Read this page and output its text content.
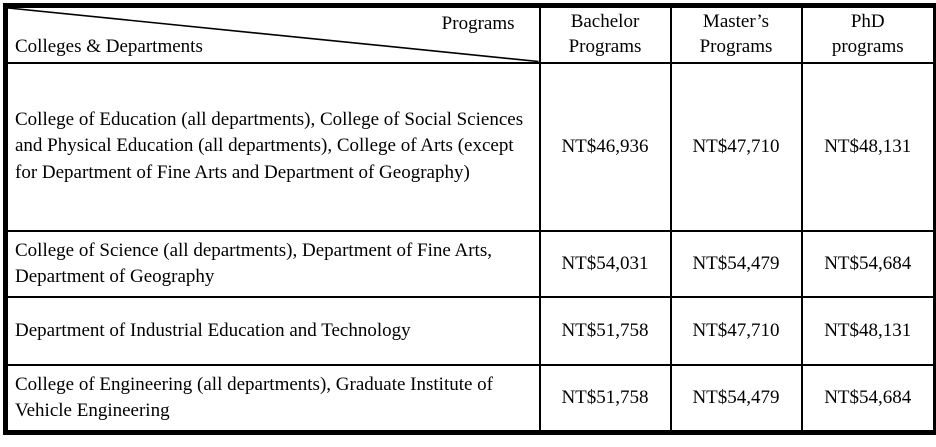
Programs
Colleges & Departments	Bachelor Programs	Master’s Programs	PhD programs
College of Education (all departments), College of Social Sciences and Physical Education (all departments), College of Arts (except for Department of Fine Arts and Department of Geography)	NT$46,936	NT$47,710	NT$48,131
College of Science (all departments), Department of Fine Arts, Department of Geography	NT$54,031	NT$54,479	NT$54,684
Department of Industrial Education and Technology	NT$51,758	NT$47,710	NT$48,131
College of Engineering (all departments), Graduate Institute of Vehicle Engineering	NT$51,758	NT$54,479	NT$54,684
